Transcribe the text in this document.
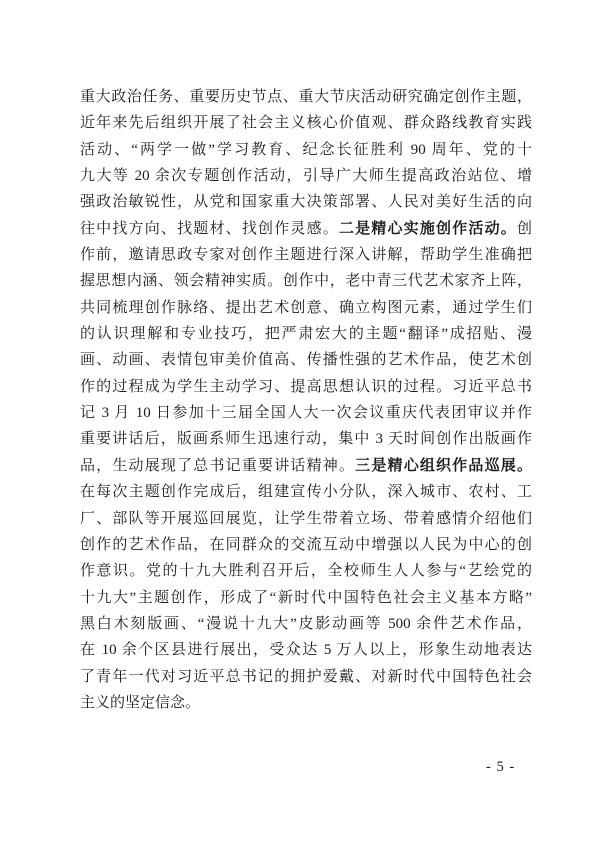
重大政治任务、重要历史节点、重大节庆活动研究确定创作主题，
近年来先后组织开展了社会主义核心价值观、群众路线教育实践
活动、“两学一做”学习教育、纪念长征胜利 90 周年、党的十
九大等 20 余次专题创作活动，引导广大师生提高政治站位、增
强政治敏锐性，从党和国家重大决策部署、人民对美好生活的向
往中找方向、找题材、找创作灵感。二是精心实施创作活动。创
作前，邀请思政专家对创作主题进行深入讲解，帮助学生准确把
握思想内涵、领会精神实质。创作中，老中青三代艺术家齐上阵，
共同梳理创作脉络、提出艺术创意、确立构图元素，通过学生们
的认识理解和专业技巧，把严肃宏大的主题“翻译”成招贴、漫
画、动画、表情包审美价值高、传播性强的艺术作品，使艺术创
作的过程成为学生主动学习、提高思想认识的过程。习近平总书
记 3 月 10 日参加十三届全国人大一次会议重庆代表团审议并作
重要讲话后，版画系师生迅速行动，集中 3 天时间创作出版画作
品，生动展现了总书记重要讲话精神。三是精心组织作品巡展。
在每次主题创作完成后，组建宣传小分队，深入城市、农村、工
厂、部队等开展巡回展览，让学生带着立场、带着感情介绍他们
创作的艺术作品，在同群众的交流互动中增强以人民为中心的创
作意识。党的十九大胜利召开后，全校师生人人参与“艺绘党的
十九大”主题创作，形成了“新时代中国特色社会主义基本方略”
黑白木刻版画、“漫说十九大”皮影动画等 500 余件艺术作品，
在 10 余个区县进行展出，受众达 5 万人以上，形象生动地表达
了青年一代对习近平总书记的拥护爱戴、对新时代中国特色社会
主义的坚定信念。
- 5 -
